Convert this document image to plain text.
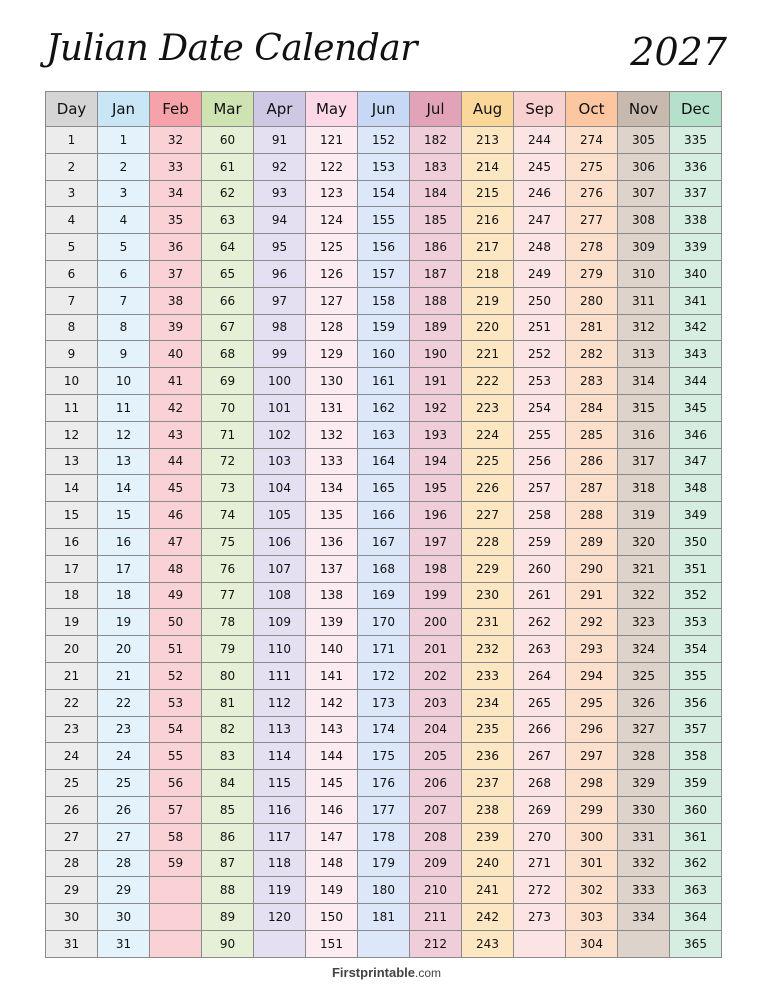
Julian Date Calendar	2027
Day	Jan	Feb	Mar	Apr	May	Jun	Jul	Aug	Sep	Oct	Nov	Dec
1	1	32	60	91	121	152	182	213	244	274	305	335
2	2	33	61	92	122	153	183	214	245	275	306	336
3	3	34	62	93	123	154	184	215	246	276	307	337
4	4	35	63	94	124	155	185	216	247	277	308	338
5	5	36	64	95	125	156	186	217	248	278	309	339
6	6	37	65	96	126	157	187	218	249	279	310	340
7	7	38	66	97	127	158	188	219	250	280	311	341
8	8	39	67	98	128	159	189	220	251	281	312	342
9	9	40	68	99	129	160	190	221	252	282	313	343
10	10	41	69	100	130	161	191	222	253	283	314	344
11	11	42	70	101	131	162	192	223	254	284	315	345
12	12	43	71	102	132	163	193	224	255	285	316	346
13	13	44	72	103	133	164	194	225	256	286	317	347
14	14	45	73	104	134	165	195	226	257	287	318	348
15	15	46	74	105	135	166	196	227	258	288	319	349
16	16	47	75	106	136	167	197	228	259	289	320	350
17	17	48	76	107	137	168	198	229	260	290	321	351
18	18	49	77	108	138	169	199	230	261	291	322	352
19	19	50	78	109	139	170	200	231	262	292	323	353
20	20	51	79	110	140	171	201	232	263	293	324	354
21	21	52	80	111	141	172	202	233	264	294	325	355
22	22	53	81	112	142	173	203	234	265	295	326	356
23	23	54	82	113	143	174	204	235	266	296	327	357
24	24	55	83	114	144	175	205	236	267	297	328	358
25	25	56	84	115	145	176	206	237	268	298	329	359
26	26	57	85	116	146	177	207	238	269	299	330	360
27	27	58	86	117	147	178	208	239	270	300	331	361
28	28	59	87	118	148	179	209	240	271	301	332	362
29	29		88	119	149	180	210	241	272	302	333	363
30	30		89	120	150	181	211	242	273	303	334	364
31	31		90		151		212	243		304		365
Firstprintable.com
